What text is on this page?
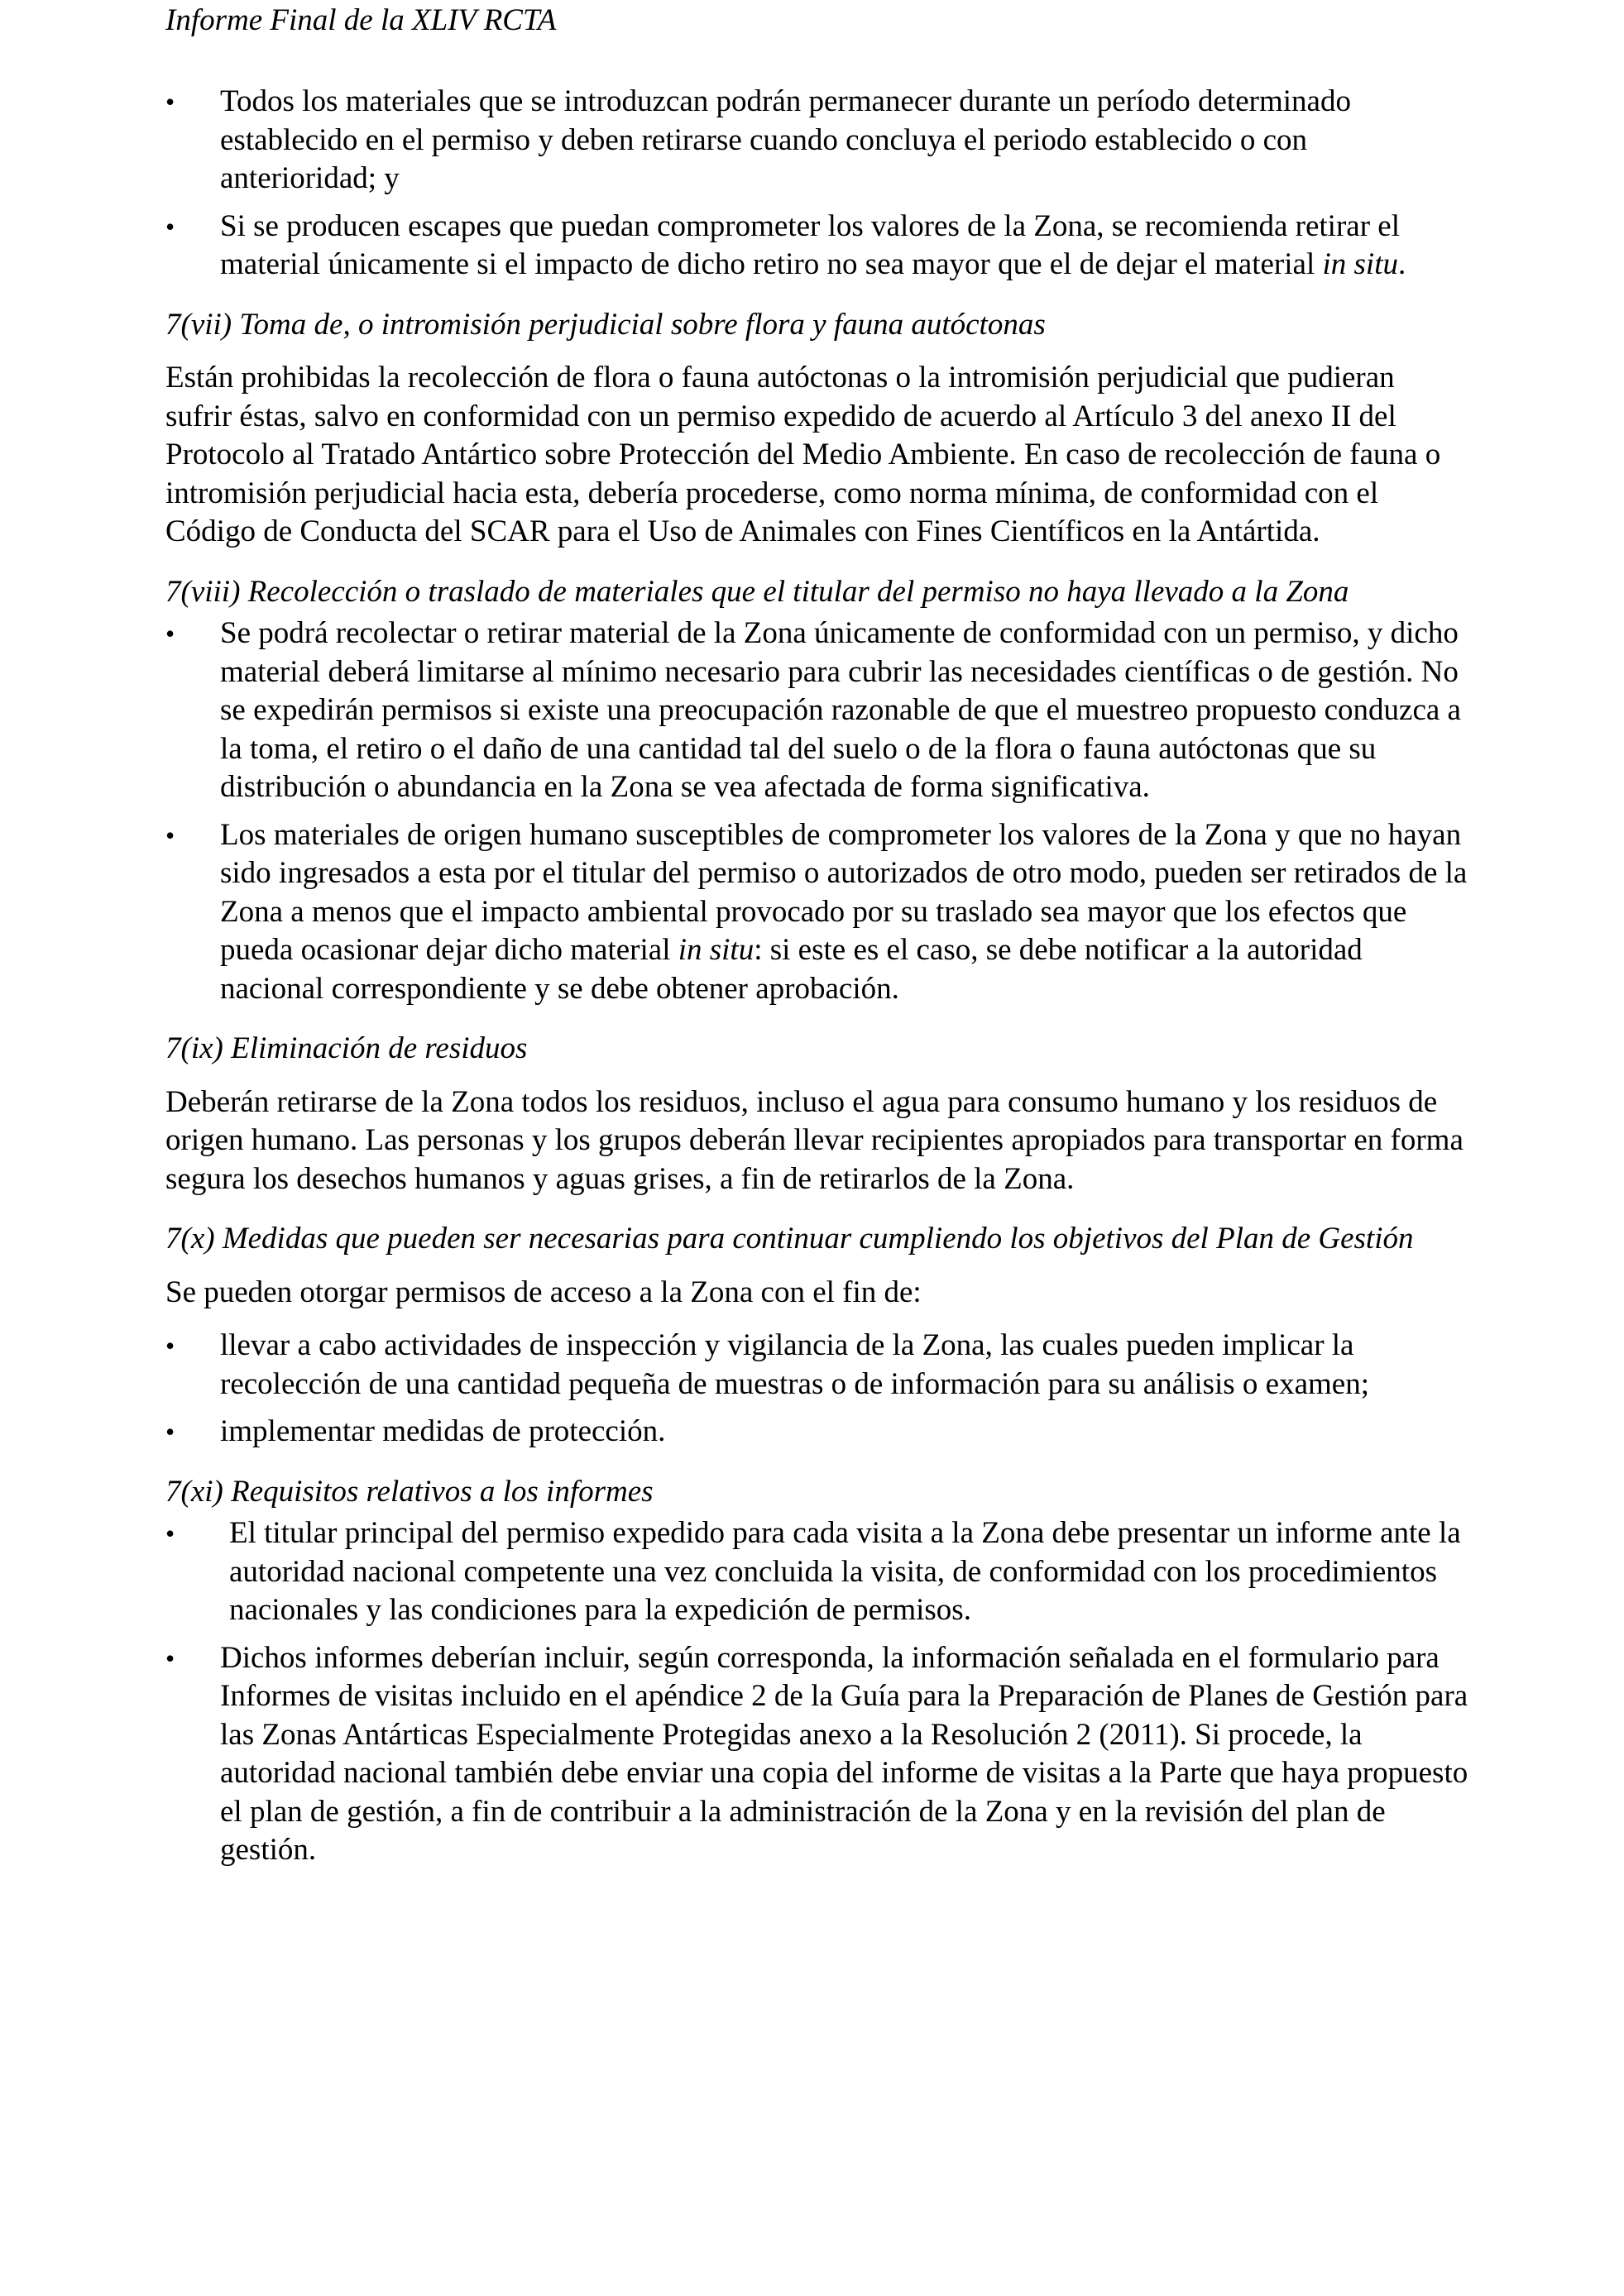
Informe Final de la XLIV RCTA

•	Todos los materiales que se introduzcan podrán permanecer durante un período determinado establecido en el permiso y deben retirarse cuando concluya el periodo establecido o con anterioridad; y
•	Si se producen escapes que puedan comprometer los valores de la Zona, se recomienda retirar el material únicamente si el impacto de dicho retiro no sea mayor que el de dejar el material in situ.

7(vii) Toma de, o intromisión perjudicial sobre flora y fauna autóctonas

Están prohibidas la recolección de flora o fauna autóctonas o la intromisión perjudicial que pudieran sufrir éstas, salvo en conformidad con un permiso expedido de acuerdo al Artículo 3 del anexo II del Protocolo al Tratado Antártico sobre Protección del Medio Ambiente. En caso de recolección de fauna o intromisión perjudicial hacia esta, debería procederse, como norma mínima, de conformidad con el Código de Conducta del SCAR para el Uso de Animales con Fines Científicos en la Antártida.

7(viii) Recolección o traslado de materiales que el titular del permiso no haya llevado a la Zona

•	Se podrá recolectar o retirar material de la Zona únicamente de conformidad con un permiso, y dicho material deberá limitarse al mínimo necesario para cubrir las necesidades científicas o de gestión. No se expedirán permisos si existe una preocupación razonable de que el muestreo propuesto conduzca a la toma, el retiro o el daño de una cantidad tal del suelo o de la flora o fauna autóctonas que su distribución o abundancia en la Zona se vea afectada de forma significativa.
•	Los materiales de origen humano susceptibles de comprometer los valores de la Zona y que no hayan sido ingresados a esta por el titular del permiso o autorizados de otro modo, pueden ser retirados de la Zona a menos que el impacto ambiental provocado por su traslado sea mayor que los efectos que pueda ocasionar dejar dicho material in situ: si este es el caso, se debe notificar a la autoridad nacional correspondiente y se debe obtener aprobación.

7(ix) Eliminación de residuos

Deberán retirarse de la Zona todos los residuos, incluso el agua para consumo humano y los residuos de origen humano. Las personas y los grupos deberán llevar recipientes apropiados para transportar en forma segura los desechos humanos y aguas grises, a fin de retirarlos de la Zona.

7(x) Medidas que pueden ser necesarias para continuar cumpliendo los objetivos del Plan de Gestión

Se pueden otorgar permisos de acceso a la Zona con el fin de:

•	llevar a cabo actividades de inspección y vigilancia de la Zona, las cuales pueden implicar la recolección de una cantidad pequeña de muestras o de información para su análisis o examen;
•	implementar medidas de protección.

7(xi) Requisitos relativos a los informes

•	El titular principal del permiso expedido para cada visita a la Zona debe presentar un informe ante la autoridad nacional competente una vez concluida la visita, de conformidad con los procedimientos nacionales y las condiciones para la expedición de permisos.
•	Dichos informes deberían incluir, según corresponda, la información señalada en el formulario para Informes de visitas incluido en el apéndice 2 de la Guía para la Preparación de Planes de Gestión para las Zonas Antárticas Especialmente Protegidas anexo a la Resolución 2 (2011). Si procede, la autoridad nacional también debe enviar una copia del informe de visitas a la Parte que haya propuesto el plan de gestión, a fin de contribuir a la administración de la Zona y en la revisión del plan de gestión.
